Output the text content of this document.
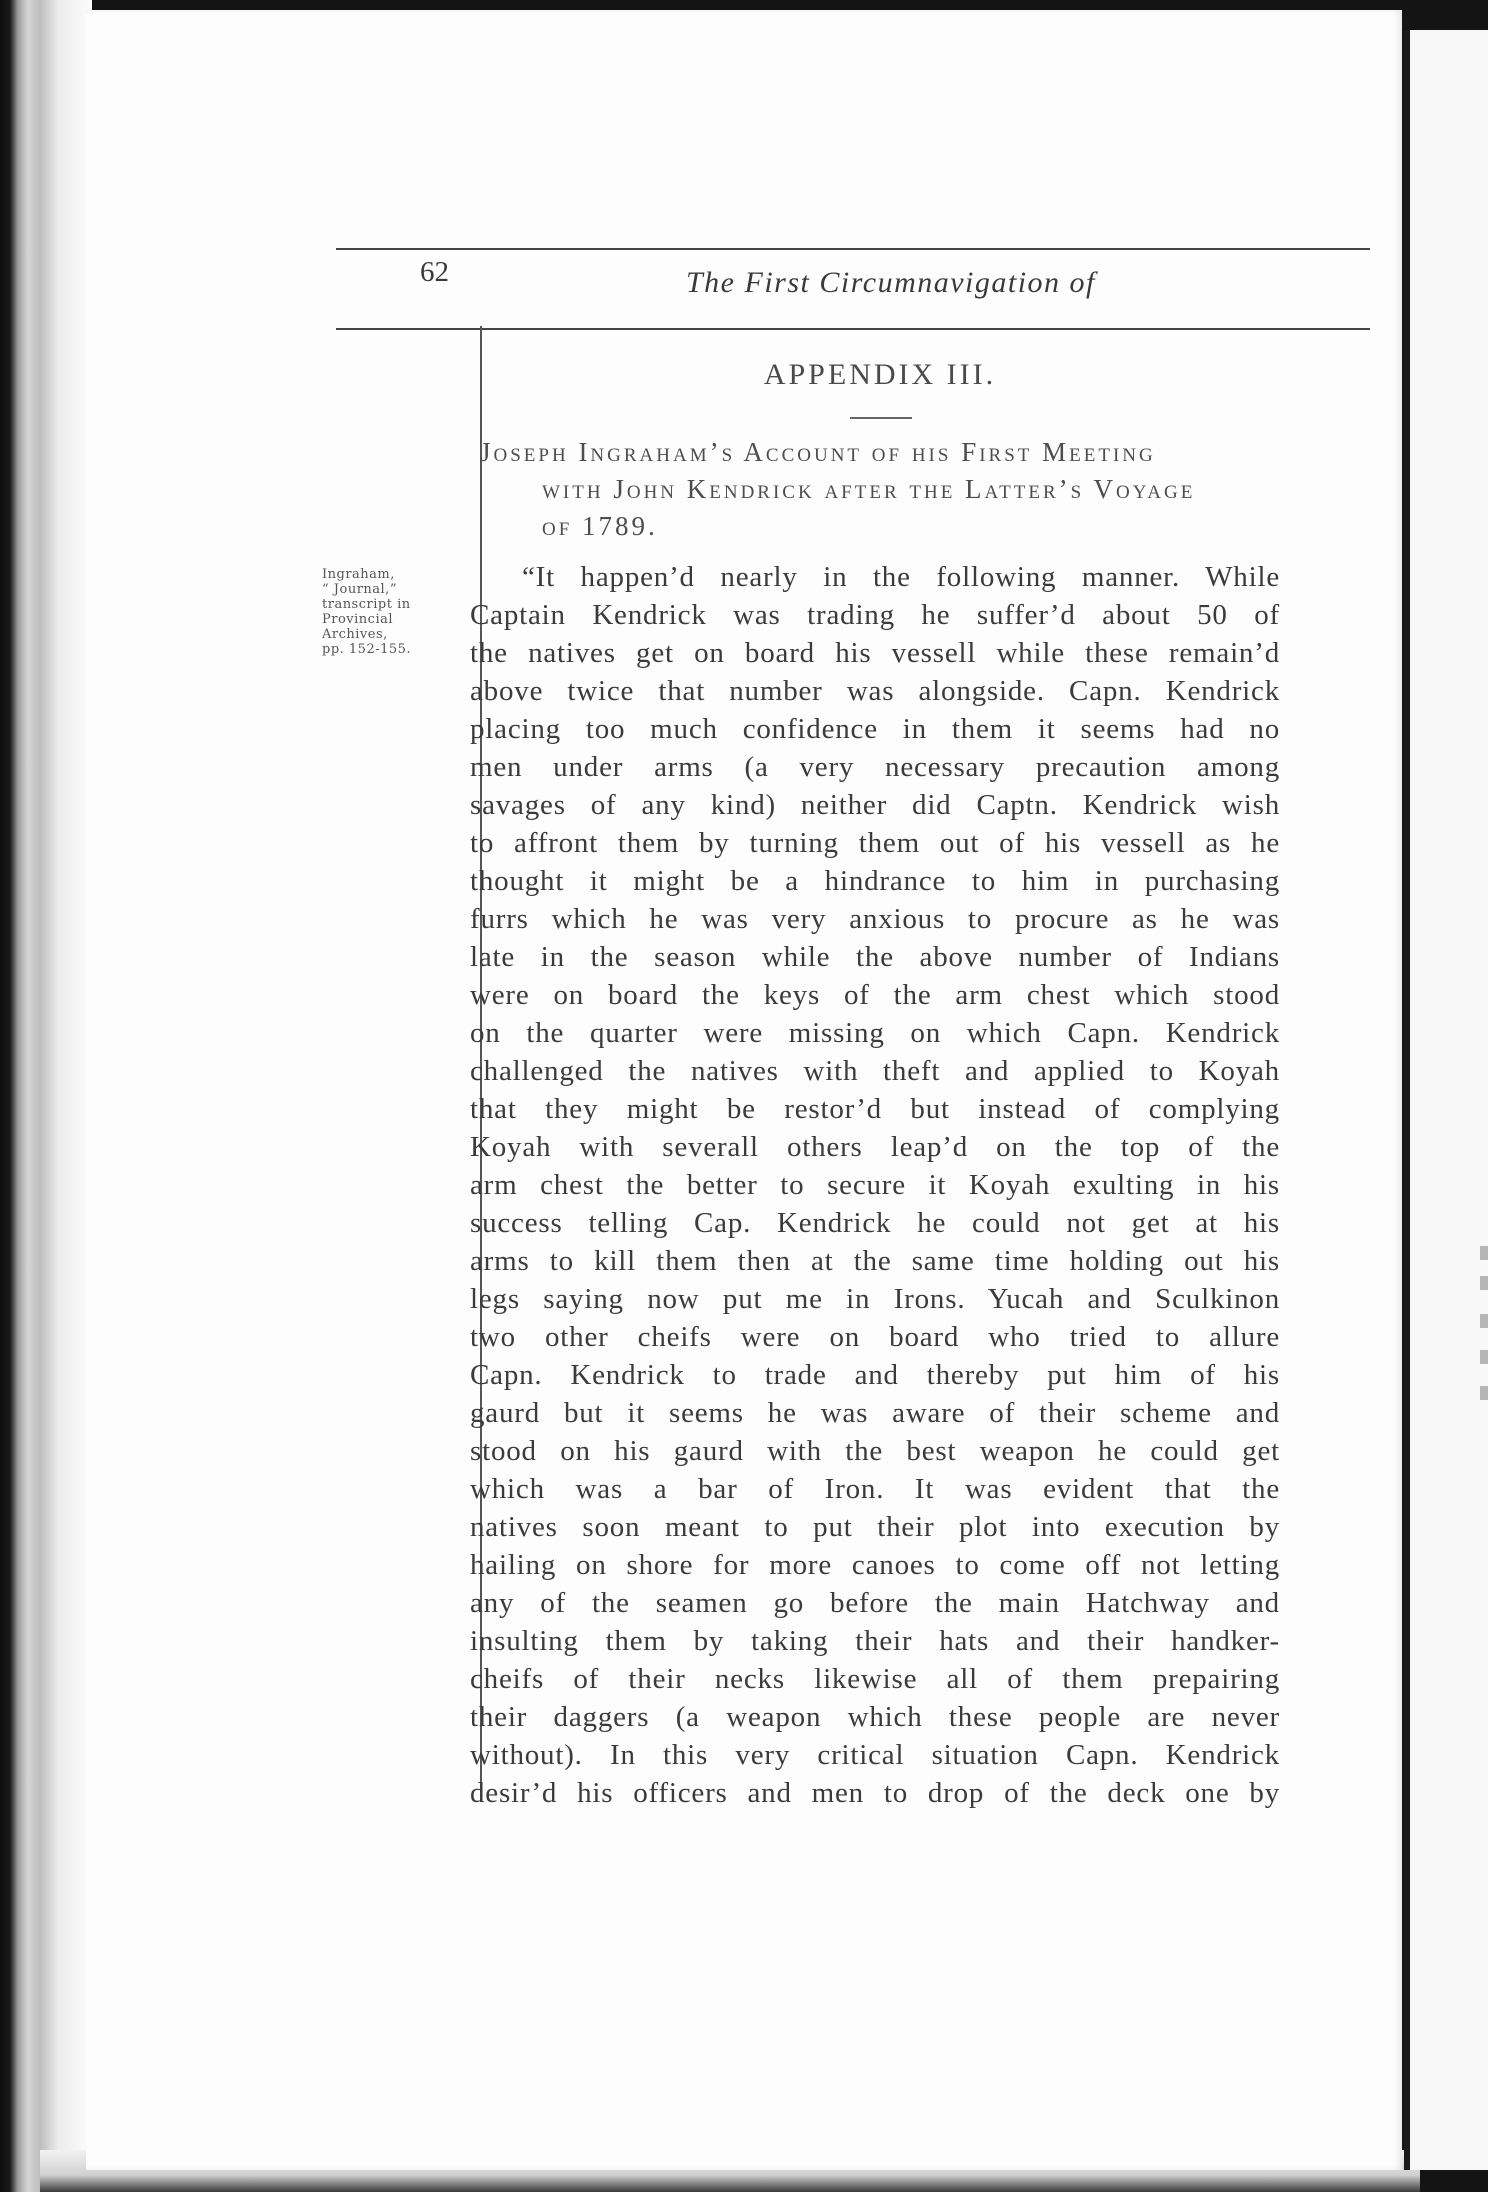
62	The First Circumnavigation of
APPENDIX III.
Joseph Ingraham’s Account of his First Meeting
with John Kendrick after the Latter’s Voyage
of 1789.
Ingraham,
“ Journal,”
transcript in
Provincial
Archives,
pp. 152-155.
“It happen’d nearly in the following manner. While
Captain Kendrick was trading he suffer’d about 50 of
the natives get on board his vessell while these remain’d
above twice that number was alongside. Capn. Kendrick
placing too much confidence in them it seems had no
men under arms (a very necessary precaution among
savages of any kind) neither did Captn. Kendrick wish
to affront them by turning them out of his vessell as he
thought it might be a hindrance to him in purchasing
furrs which he was very anxious to procure as he was
late in the season while the above number of Indians
were on board the keys of the arm chest which stood
on the quarter were missing on which Capn. Kendrick
challenged the natives with theft and applied to Koyah
that they might be restor’d but instead of complying
Koyah with severall others leap’d on the top of the
arm chest the better to secure it Koyah exulting in his
success telling Cap. Kendrick he could not get at his
arms to kill them then at the same time holding out his
legs saying now put me in Irons. Yucah and Sculkinon
two other cheifs were on board who tried to allure
Capn. Kendrick to trade and thereby put him of his
gaurd but it seems he was aware of their scheme and
stood on his gaurd with the best weapon he could get
which was a bar of Iron. It was evident that the
natives soon meant to put their plot into execution by
hailing on shore for more canoes to come off not letting
any of the seamen go before the main Hatchway and
insulting them by taking their hats and their handker-
cheifs of their necks likewise all of them prepairing
their daggers (a weapon which these people are never
without). In this very critical situation Capn. Kendrick
desir’d his officers and men to drop of the deck one by
